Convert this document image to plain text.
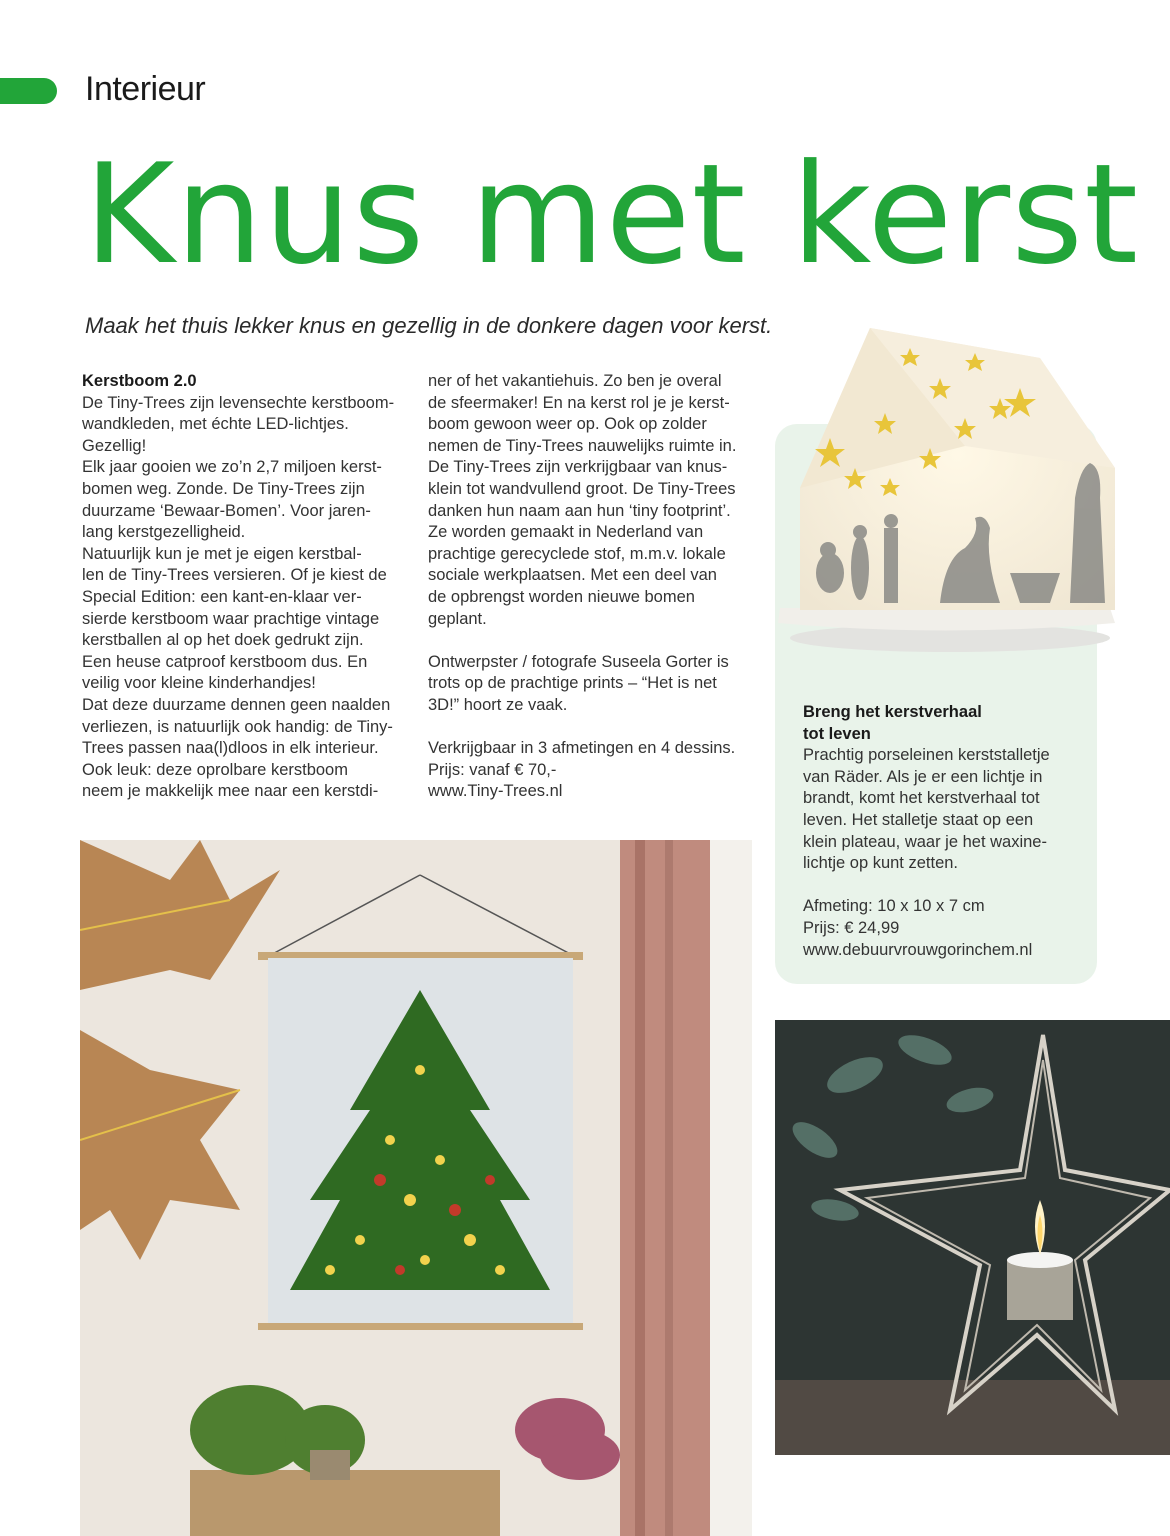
Interieur
Knus met kerst
Maak het thuis lekker knus en gezellig in de donkere dagen voor kerst.

Kerstboom 2.0

De Tiny-Trees zijn levensechte kerstboom-

wandkleden, met échte LED-lichtjes.

Gezellig!

Elk jaar gooien we zo’n 2,7 miljoen kerst-

bomen weg. Zonde. De Tiny-Trees zijn

duurzame ‘Bewaar-Bomen’. Voor jaren-

lang kerstgezelligheid.

Natuurlijk kun je met je eigen kerstbal-

len de Tiny-Trees versieren. Of je kiest de

Special Edition: een kant-en-klaar ver-

sierde kerstboom waar prachtige vintage

kerstballen al op het doek gedrukt zijn.

Een heuse catproof kerstboom dus. En

veilig voor kleine kinderhandjes!

Dat deze duurzame dennen geen naalden

verliezen, is natuurlijk ook handig: de Tiny-

Trees passen naa(l)dloos in elk interieur.

Ook leuk: deze oprolbare kerstboom

neem je makkelijk mee naar een kerstdi-

ner of het vakantiehuis. Zo ben je overal

de sfeermaker! En na kerst rol je je kerst-

boom gewoon weer op. Ook op zolder

nemen de Tiny-Trees nauwelijks ruimte in.

De Tiny-Trees zijn verkrijgbaar van knus-

klein tot wandvullend groot. De Tiny-Trees

danken hun naam aan hun ‘tiny footprint’.

Ze worden gemaakt in Nederland van

prachtige gerecyclede stof, m.m.v. lokale

sociale werkplaatsen. Met een deel van

de opbrengst worden nieuwe bomen

geplant.

Ontwerpster / fotografe Suseela Gorter is

trots op de prachtige prints – “Het is net

3D!” hoort ze vaak.

Verkrijgbaar in 3 afmetingen en 4 dessins.

Prijs: vanaf € 70,-

www.Tiny-Trees.nl

Breng het kerstverhaal

tot leven

Prachtig porseleinen kerststalletje

van Räder. Als je er een lichtje in

brandt, komt het kerstverhaal tot

leven. Het stalletje staat op een

klein plateau, waar je het waxine-

lichtje op kunt zetten.

Afmeting: 10 x 10 x 7 cm

Prijs: € 24,99

www.debuurvrouwgorinchem.nl
